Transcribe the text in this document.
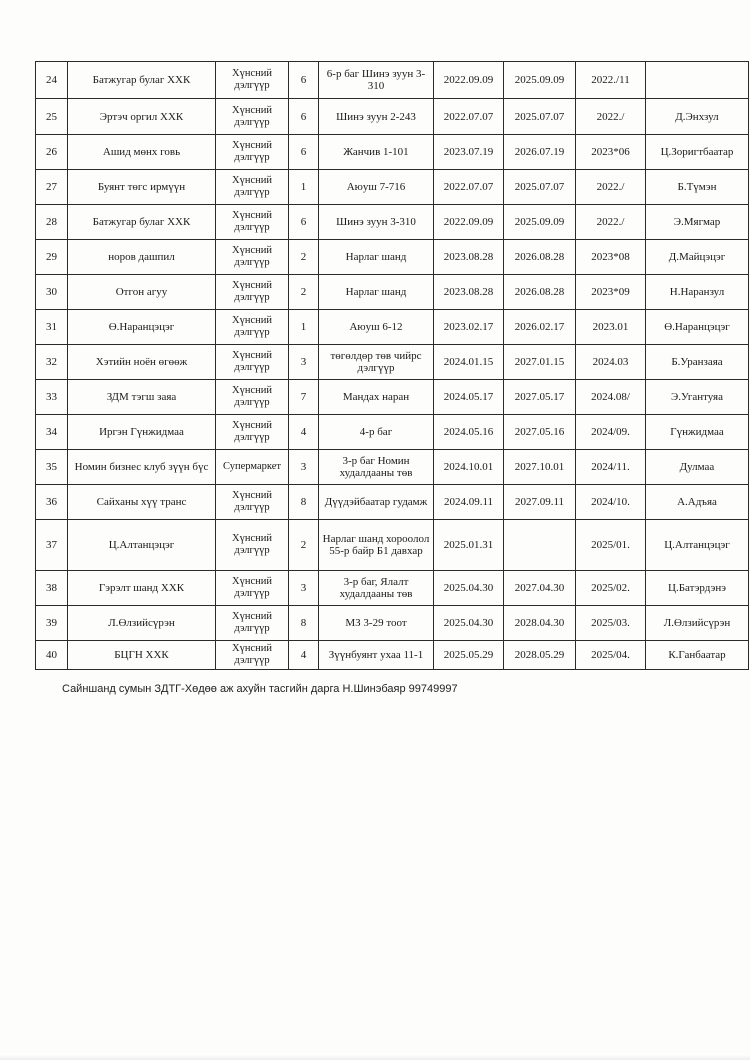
24	Батжугар булаг ХХК	Хүнсний дэлгүүр	6	6-р баг Шинэ зуун 3-310	2022.09.09	2025.09.09	2022./11	
25	Эртэч оргил ХХК	Хүнсний дэлгүүр	6	Шинэ зуун 2-243	2022.07.07	2025.07.07	2022./	Д.Энхзул
26	Ашид мөнх говь	Хүнсний дэлгүүр	6	Жанчив 1-101	2023.07.19	2026.07.19	2023*06	Ц.Зоригтбаатар
27	Буянт төгс ирмүүн	Хүнсний дэлгүүр	1	Аюуш 7-716	2022.07.07	2025.07.07	2022./	Б.Түмэн
28	Батжугар булаг ХХК	Хүнсний дэлгүүр	6	Шинэ зуун 3-310	2022.09.09	2025.09.09	2022./	Э.Мягмар
29	норов дашпил	Хүнсний дэлгүүр	2	Нарлаг шанд	2023.08.28	2026.08.28	2023*08	Д.Майцэцэг
30	Отгон агуу	Хүнсний дэлгүүр	2	Нарлаг шанд	2023.08.28	2026.08.28	2023*09	Н.Наранзул
31	Ө.Наранцэцэг	Хүнсний дэлгүүр	1	Аюуш 6-12	2023.02.17	2026.02.17	2023.01	Ө.Наранцэцэг
32	Хэтийн ноён өгөөж	Хүнсний дэлгүүр	3	төгөлдөр төв чийрс дэлгүүр	2024.01.15	2027.01.15	2024.03	Б.Уранзаяа
33	ЗДМ тэгш заяа	Хүнсний дэлгүүр	7	Мандах наран	2024.05.17	2027.05.17	2024.08/	Э.Угантуяа
34	Иргэн Гүнжидмаа	Хүнсний дэлгүүр	4	4-р баг	2024.05.16	2027.05.16	2024/09.	Гүнжидмаа
35	Номин бизнес клуб зүүн бүс	Супермаркет	3	3-р баг Номин худалдааны төв	2024.10.01	2027.10.01	2024/11.	Дулмаа
36	Сайханы хүү транс	Хүнсний дэлгүүр	8	Дүүдэйбаатар гудамж	2024.09.11	2027.09.11	2024/10.	А.Адъяа
37	Ц.Алтанцэцэг	Хүнсний дэлгүүр	2	Нарлаг шанд хороолол 55-р байр Б1 давхар	2025.01.31		2025/01.	Ц.Алтанцэцэг
38	Гэрэлт шанд ХХК	Хүнсний дэлгүүр	3	3-р баг, Ялалт худалдааны төв	2025.04.30	2027.04.30	2025/02.	Ц.Батэрдэнэ
39	Л.Өлзийсүрэн	Хүнсний дэлгүүр	8	МЗ 3-29 тоот	2025.04.30	2028.04.30	2025/03.	Л.Өлзийсүрэн
40	БЦГН ХХК	Хүнсний дэлгүүр	4	Зүүнбуянт ухаа 11-1	2025.05.29	2028.05.29	2025/04.	К.Ганбаатар
Сайншанд сумын ЗДТГ-Хөдөө аж ахуйн тасгийн дарга Н.Шинэбаяр 99749997
